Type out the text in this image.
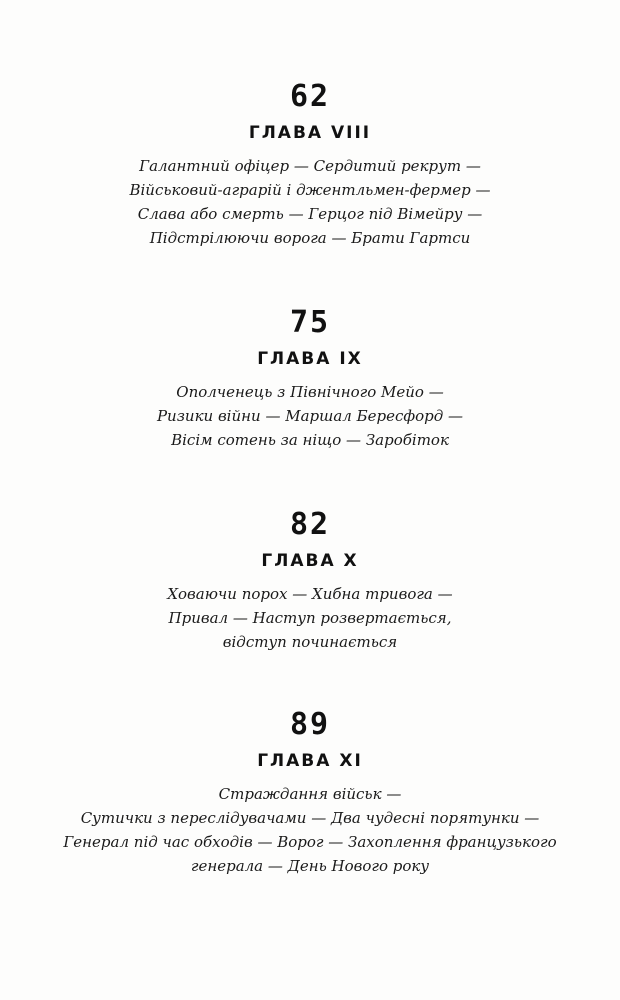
62
ГЛАВА VIII
Галантний офіцер — Сердитий рекрут —
Військовий-аграрій і джентльмен-фермер —
Слава або смерть — Герцог під Вімейру —
Підстрілюючи ворога — Брати Гартси
75
ГЛАВА IX
Ополченець з Північного Мейо —
Ризики війни — Маршал Бересфорд —
Вісім сотень за ніщо — Заробіток
82
ГЛАВА X
Ховаючи порох — Хибна тривога —
Привал — Наступ розвертається,
відступ починається
89
ГЛАВА XI
Страждання військ —
Сутички з переслідувачами — Два чудесні порятунки —
Генерал під час обходів — Ворог — Захоплення французького
генерала — День Нового року
